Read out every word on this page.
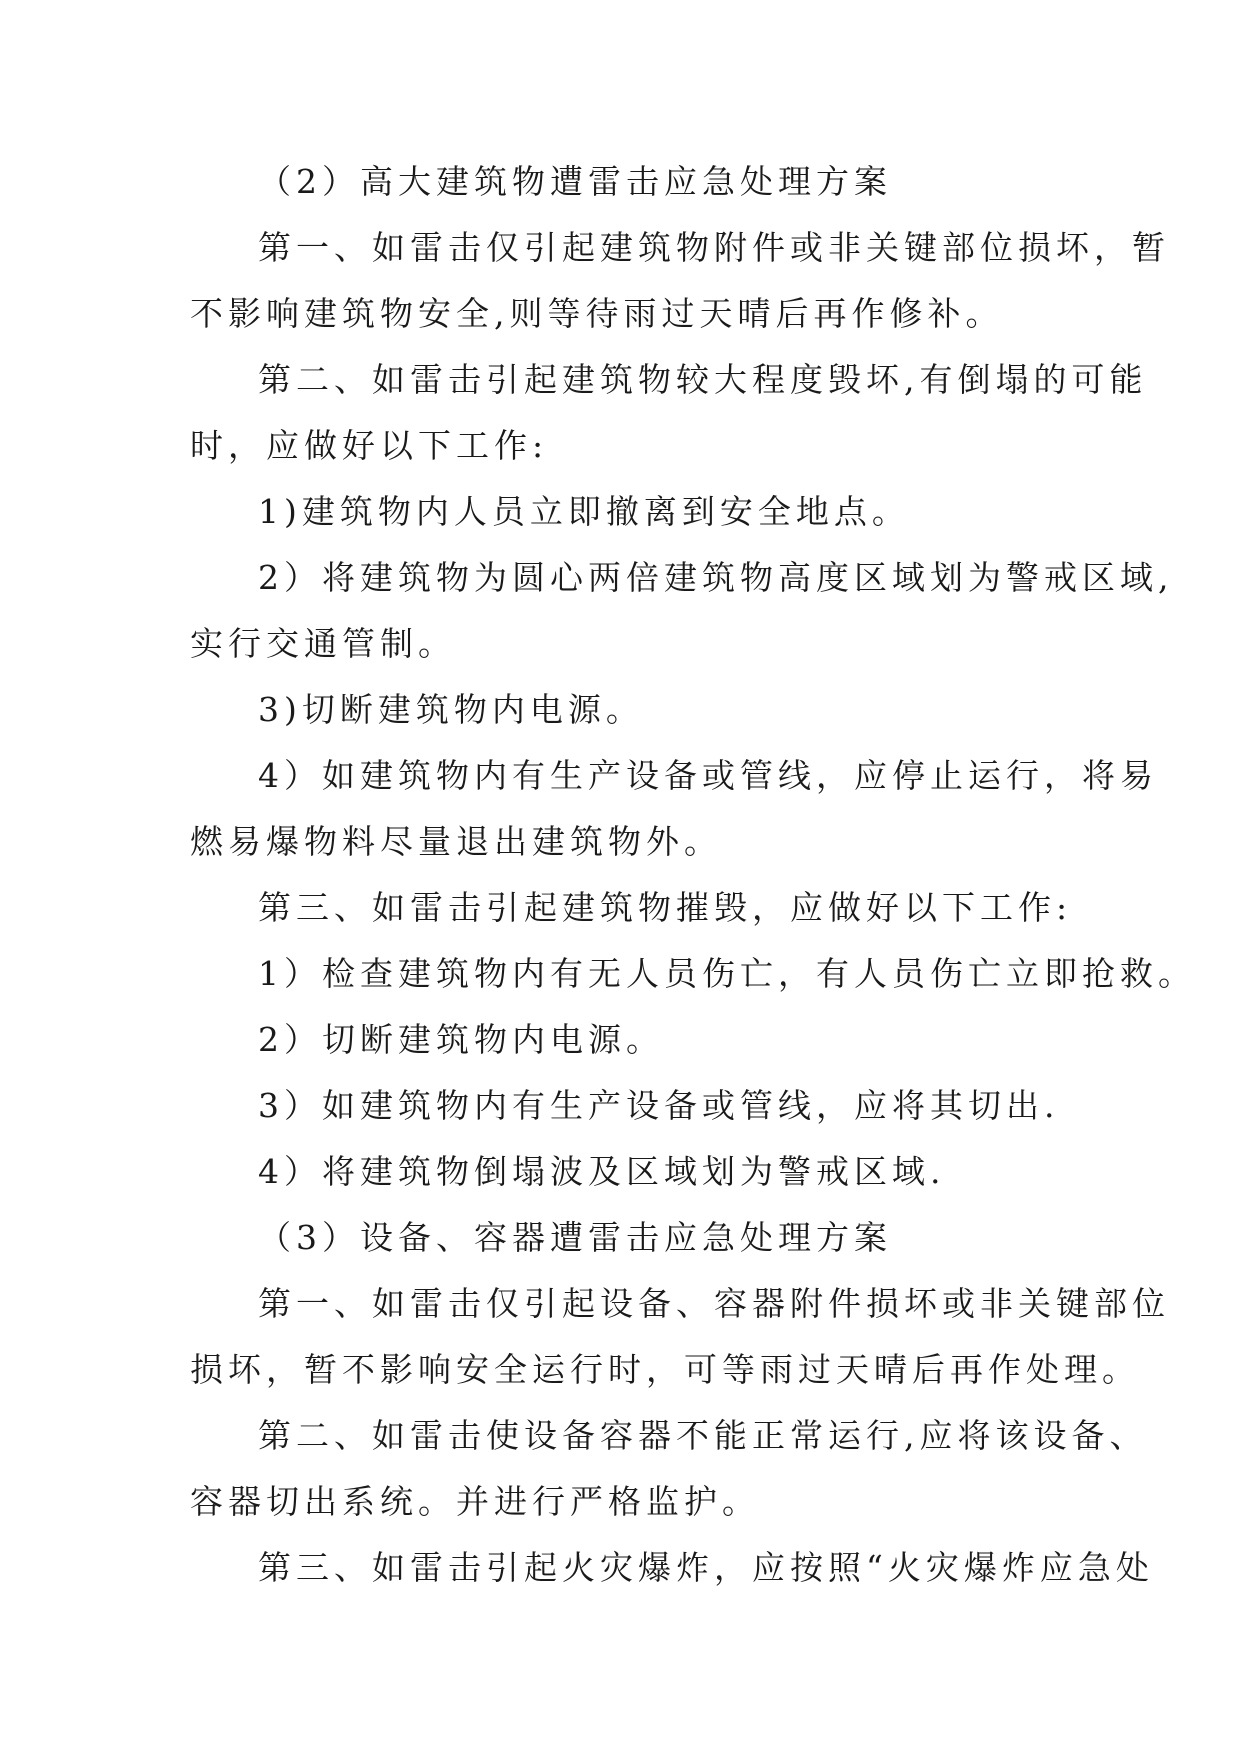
（2）高大建筑物遭雷击应急处理方案

第一、如雷击仅引起建筑物附件或非关键部位损坏，暂

不影响建筑物安全,则等待雨过天晴后再作修补。

第二、如雷击引起建筑物较大程度毁坏,有倒塌的可能

时，应做好以下工作:

1)建筑物内人员立即撤离到安全地点。

2）将建筑物为圆心两倍建筑物高度区域划为警戒区域,

实行交通管制。

3)切断建筑物内电源。

4）如建筑物内有生产设备或管线，应停止运行，将易

燃易爆物料尽量退出建筑物外。

第三、如雷击引起建筑物摧毁，应做好以下工作:

1）检查建筑物内有无人员伤亡，有人员伤亡立即抢救。

2）切断建筑物内电源。

3）如建筑物内有生产设备或管线，应将其切出.

4）将建筑物倒塌波及区域划为警戒区域.

（3）设备、容器遭雷击应急处理方案

第一、如雷击仅引起设备、容器附件损坏或非关键部位

损坏，暂不影响安全运行时，可等雨过天晴后再作处理。

第二、如雷击使设备容器不能正常运行,应将该设备、

容器切出系统。并进行严格监护。

第三、如雷击引起火灾爆炸，应按照“火灾爆炸应急处
